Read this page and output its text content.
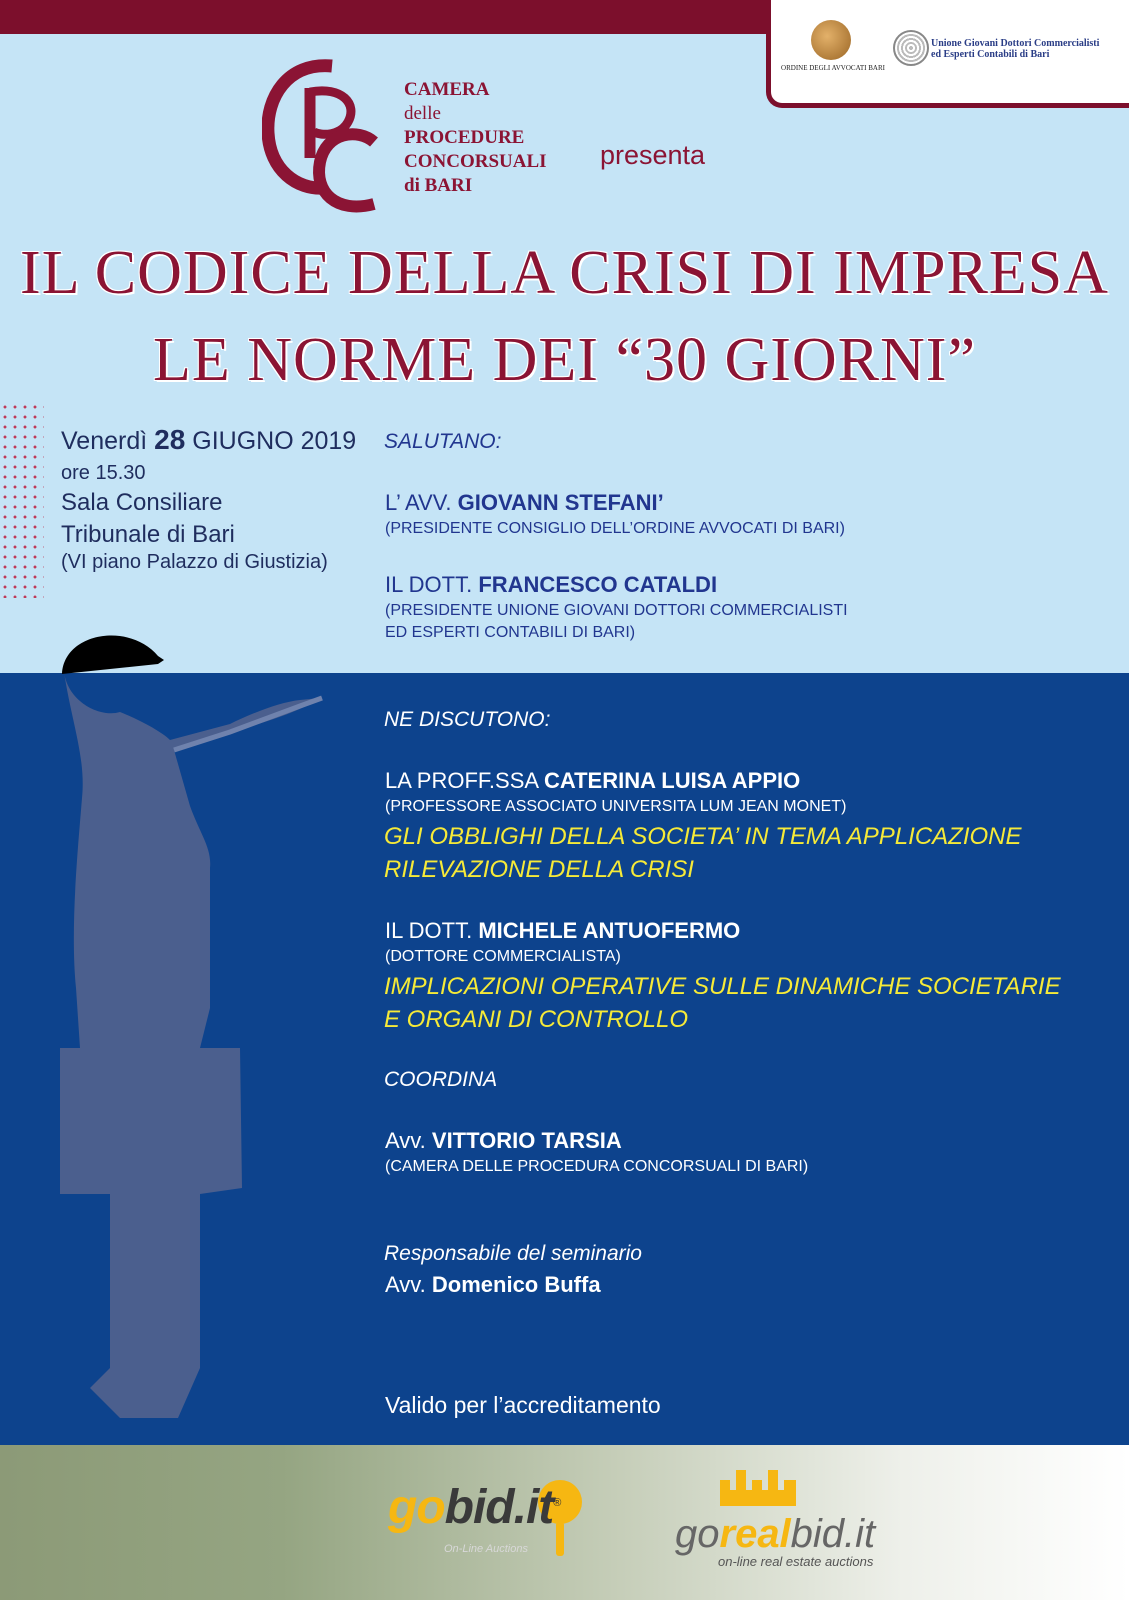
ORDINE DEGLI AVVOCATI BARI
Unione Giovani Dottori Commercialisti
ed Esperti Contabili di Bari
CAMERA
delle
PROCEDURE
CONCORSUALI
di BARI
presenta
IL CODICE DELLA CRISI DI IMPRESA
LE NORME DEI “30 GIORNI”
Venerdì 28 GIUGNO 2019
ore 15.30
Sala Consiliare
Tribunale di Bari
(VI piano Palazzo di Giustizia)
SALUTANO:
L’ AVV. GIOVANN STEFANI’
(PRESIDENTE CONSIGLIO DELL’ORDINE AVVOCATI DI BARI)
IL DOTT. FRANCESCO CATALDI
(PRESIDENTE UNIONE GIOVANI DOTTORI COMMERCIALISTI
ED ESPERTI CONTABILI DI BARI)
NE DISCUTONO:
LA PROFF.SSA CATERINA LUISA APPIO
(PROFESSORE ASSOCIATO UNIVERSITA LUM JEAN MONET)
GLI OBBLIGHI DELLA SOCIETA’ IN TEMA APPLICAZIONE
RILEVAZIONE DELLA CRISI
IL DOTT. MICHELE ANTUOFERMO
(DOTTORE COMMERCIALISTA)
IMPLICAZIONI OPERATIVE SULLE DINAMICHE SOCIETARIE
E ORGANI DI CONTROLLO
COORDINA
Avv. VITTORIO TARSIA
(CAMERA DELLE PROCEDURA CONCORSUALI DI BARI)
Responsabile del seminario
Avv. Domenico Buffa
Valido per l’accreditamento
gobid.it®
On-Line Auctions	gorealbid.it
on-line real estate auctions
